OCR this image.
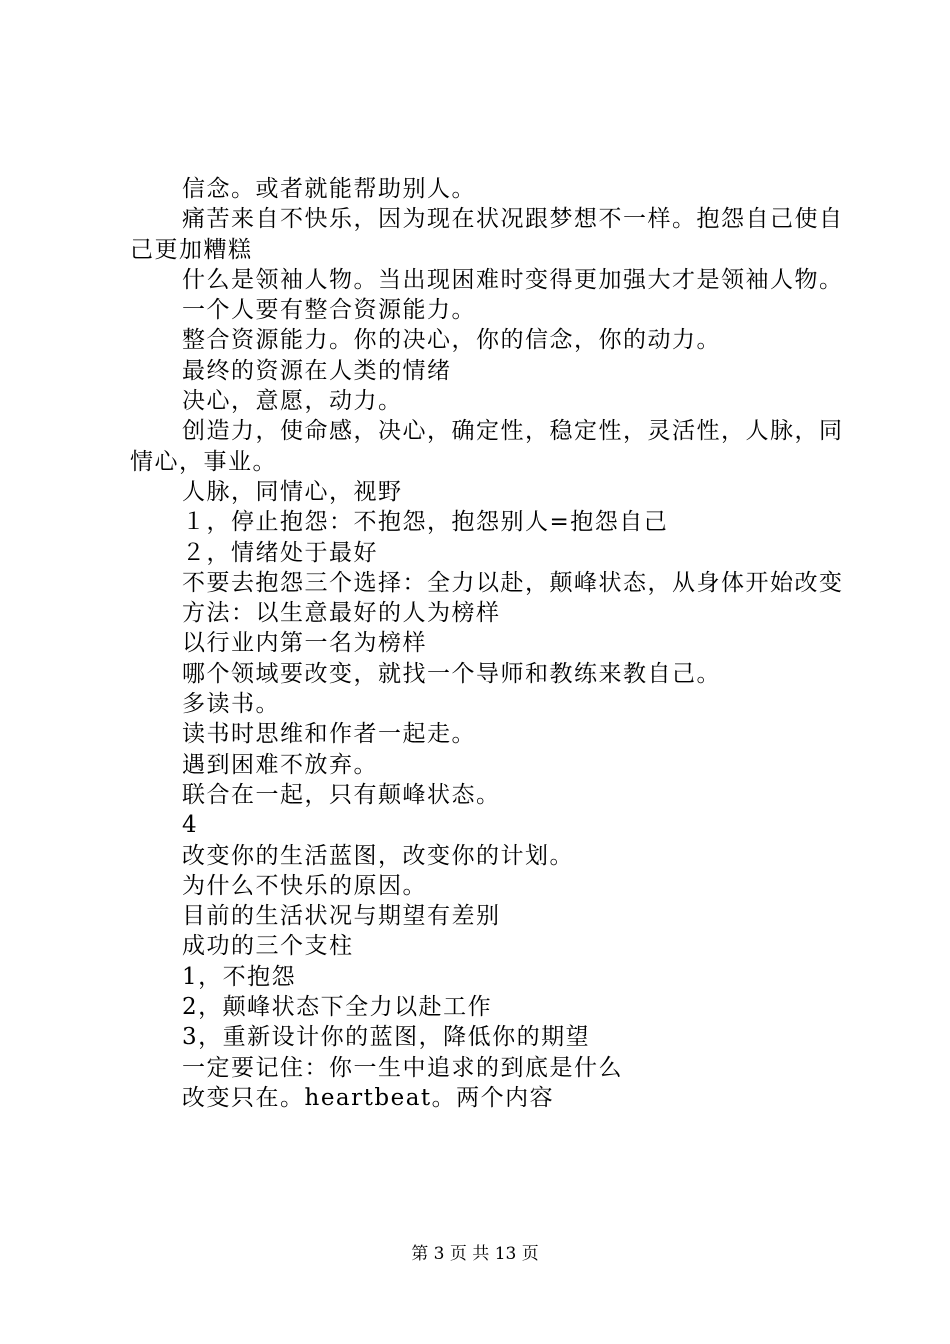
信念。或者就能帮助别人。

痛苦来自不快乐，因为现在状况跟梦想不一样。抱怨自己使自己更加糟糕

什么是领袖人物。当出现困难时变得更加强大才是领袖人物。

一个人要有整合资源能力。

整合资源能力。你的决心，你的信念，你的动力。

最终的资源在人类的情绪

决心，意愿，动力。

创造力，使命感，决心，确定性，稳定性，灵活性，人脉，同情心，事业。

人脉，同情心，视野

１，停止抱怨：不抱怨，抱怨别人=抱怨自己

２，情绪处于最好

不要去抱怨三个选择：全力以赴，颠峰状态，从身体开始改变

方法：以生意最好的人为榜样

以行业内第一名为榜样

哪个领域要改变，就找一个导师和教练来教自己。

多读书。

读书时思维和作者一起走。

遇到困难不放弃。

联合在一起，只有颠峰状态。

4

改变你的生活蓝图，改变你的计划。

为什么不快乐的原因。

目前的生活状况与期望有差别

成功的三个支柱

1，不抱怨

2，颠峰状态下全力以赴工作

3，重新设计你的蓝图，降低你的期望

一定要记住：你一生中追求的到底是什么

改变只在。heartbeat。两个内容

第 3 页 共 13 页
